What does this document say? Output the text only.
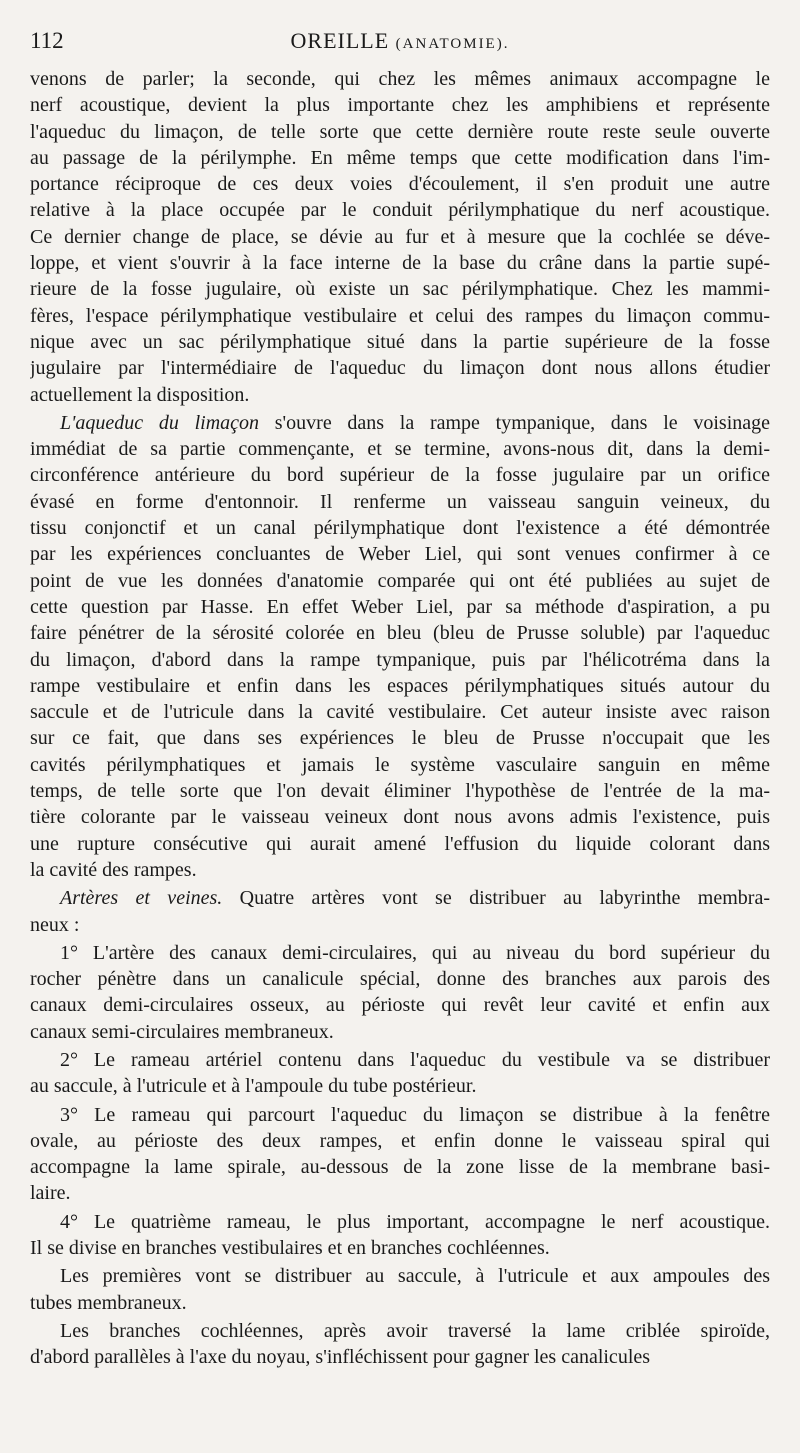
112	OREILLE (ANATOMIE).
venons de parler; la seconde, qui chez les mêmes animaux accompagne le
nerf acoustique, devient la plus importante chez les amphibiens et représente
l'aqueduc du limaçon, de telle sorte que cette dernière route reste seule ouverte
au passage de la périlymphe. En même temps que cette modification dans l'im-
portance réciproque de ces deux voies d'écoulement, il s'en produit une autre
relative à la place occupée par le conduit périlymphatique du nerf acoustique.
Ce dernier change de place, se dévie au fur et à mesure que la cochlée se déve-
loppe, et vient s'ouvrir à la face interne de la base du crâne dans la partie supé-
rieure de la fosse jugulaire, où existe un sac périlymphatique. Chez les mammi-
fères, l'espace périlymphatique vestibulaire et celui des rampes du limaçon commu-
nique avec un sac périlymphatique situé dans la partie supérieure de la fosse
jugulaire par l'intermédiaire de l'aqueduc du limaçon dont nous allons étudier
actuellement la disposition.
L'aqueduc du limaçon s'ouvre dans la rampe tympanique, dans le voisinage
immédiat de sa partie commençante, et se termine, avons-nous dit, dans la demi-
circonférence antérieure du bord supérieur de la fosse jugulaire par un orifice
évasé en forme d'entonnoir. Il renferme un vaisseau sanguin veineux, du
tissu conjonctif et un canal périlymphatique dont l'existence a été démontrée
par les expériences concluantes de Weber Liel, qui sont venues confirmer à ce
point de vue les données d'anatomie comparée qui ont été publiées au sujet de
cette question par Hasse. En effet Weber Liel, par sa méthode d'aspiration, a pu
faire pénétrer de la sérosité colorée en bleu (bleu de Prusse soluble) par l'aqueduc
du limaçon, d'abord dans la rampe tympanique, puis par l'hélicotréma dans la
rampe vestibulaire et enfin dans les espaces périlymphatiques situés autour du
saccule et de l'utricule dans la cavité vestibulaire. Cet auteur insiste avec raison
sur ce fait, que dans ses expériences le bleu de Prusse n'occupait que les
cavités périlymphatiques et jamais le système vasculaire sanguin en même
temps, de telle sorte que l'on devait éliminer l'hypothèse de l'entrée de la ma-
tière colorante par le vaisseau veineux dont nous avons admis l'existence, puis
une rupture consécutive qui aurait amené l'effusion du liquide colorant dans
la cavité des rampes.
Artères et veines. Quatre artères vont se distribuer au labyrinthe membra-
neux :
1° L'artère des canaux demi-circulaires, qui au niveau du bord supérieur du
rocher pénètre dans un canalicule spécial, donne des branches aux parois des
canaux demi-circulaires osseux, au périoste qui revêt leur cavité et enfin aux
canaux semi-circulaires membraneux.
2° Le rameau artériel contenu dans l'aqueduc du vestibule va se distribuer
au saccule, à l'utricule et à l'ampoule du tube postérieur.
3° Le rameau qui parcourt l'aqueduc du limaçon se distribue à la fenêtre
ovale, au périoste des deux rampes, et enfin donne le vaisseau spiral qui
accompagne la lame spirale, au-dessous de la zone lisse de la membrane basi-
laire.
4° Le quatrième rameau, le plus important, accompagne le nerf acoustique.
Il se divise en branches vestibulaires et en branches cochléennes.
Les premières vont se distribuer au saccule, à l'utricule et aux ampoules des
tubes membraneux.
Les branches cochléennes, après avoir traversé la lame criblée spiroïde,
d'abord parallèles à l'axe du noyau, s'infléchissent pour gagner les canalicules
